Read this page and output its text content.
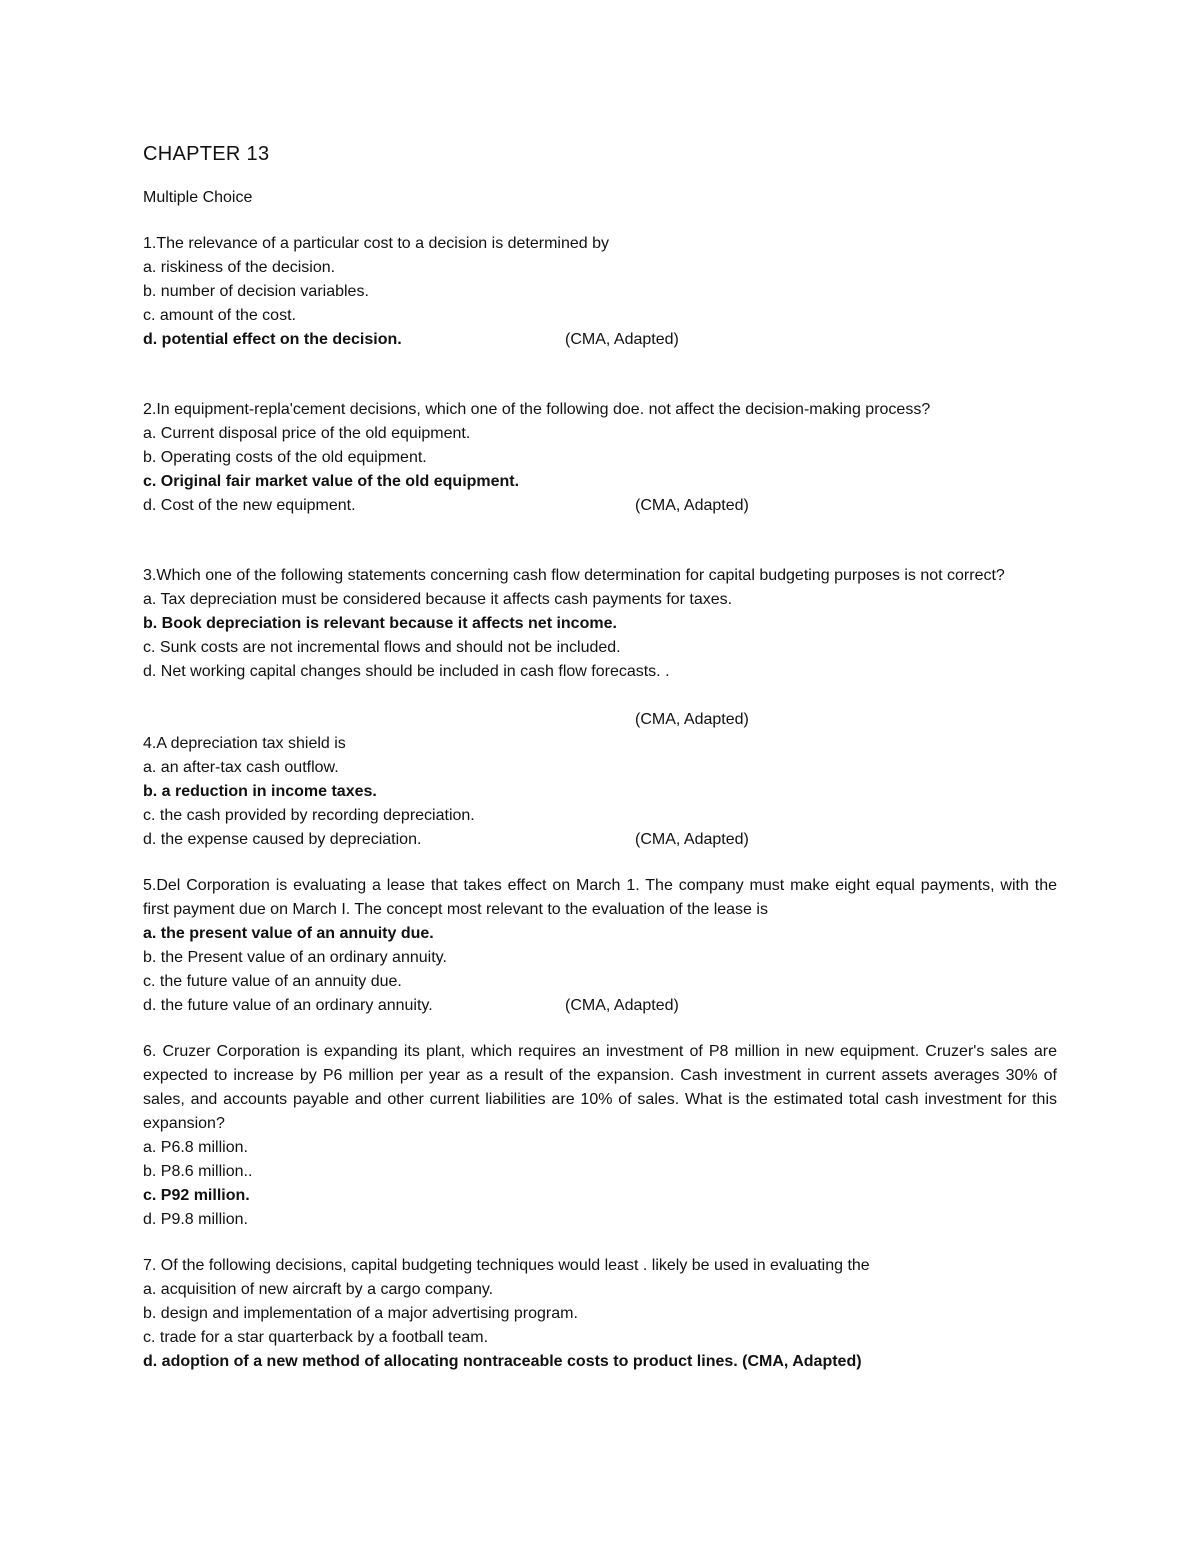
CHAPTER 13
Multiple Choice
1.The relevance of a particular cost to a decision is determined by
a. riskiness of the decision.
b. number of decision variables.
c. amount of the cost.
d. potential effect on the decision.	(CMA, Adapted)
2.In equipment-repla'cement decisions, which one of the following doe. not affect the decision-making process?
a. Current disposal price of the old equipment.
b. Operating costs of the old equipment.
c. Original fair market value of the old equipment.
d. Cost of the new equipment.	(CMA, Adapted)
3.Which one of the following statements concerning cash flow determination for capital budgeting purposes is not correct?
a. Tax depreciation must be considered because it affects cash payments for taxes.
b. Book depreciation is relevant because it affects net income.
c. Sunk costs are not incremental flows and should not be included.
d. Net working capital changes should be included in cash flow forecasts. .
(CMA, Adapted)
4.A depreciation tax shield is
a. an after-tax cash outflow.
b. a reduction in income taxes.
c. the cash provided by recording depreciation.
d. the expense caused by depreciation.	(CMA, Adapted)
5.Del Corporation is evaluating a lease that takes effect on March 1. The company must make eight equal payments, with the first payment due on March I. The concept most relevant to the evaluation of the lease is
a. the present value of an annuity due.
b. the Present value of an ordinary annuity.
c. the future value of an annuity due.
d. the future value of an ordinary annuity.	(CMA, Adapted)
6. Cruzer Corporation is expanding its plant, which requires an investment of P8 million in new equipment. Cruzer's sales are expected to increase by P6 million per year as a result of the expansion. Cash investment in current assets averages 30% of sales, and accounts payable and other current liabilities are 10% of sales. What is the estimated total cash investment for this expansion?
a. P6.8 million.
b. P8.6 million..
c. P92 million.
d. P9.8 million.
7. Of the following decisions, capital budgeting techniques would least . likely be used in evaluating the
a. acquisition of new aircraft by a cargo company.
b. design and implementation of a major advertising program.
c. trade for a star quarterback by a football team.
d. adoption of a new method of allocating nontraceable costs to product lines. (CMA, Adapted)
